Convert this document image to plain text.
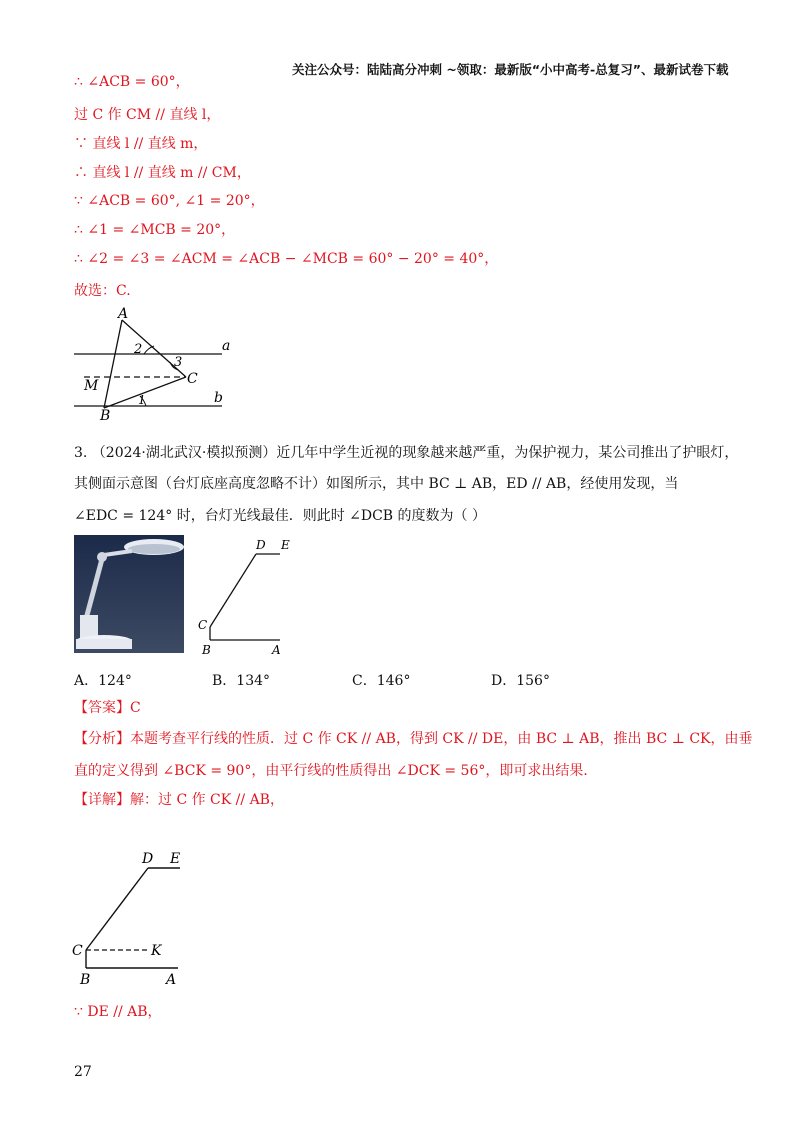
关注公众号：陆陆高分冲刺 ~领取：最新版“小中高考-总复习”、最新试卷下载
∴ ∠ACB = 60°，
过 C 作 CM // 直线 l，
∵ 直线 l // 直线 m，
∴ 直线 l // 直线 m // CM，
∵ ∠ACB = 60°, ∠1 = 20°，
∴ ∠1 = ∠MCB = 20°，
∴ ∠2 = ∠3 = ∠ACM = ∠ACB − ∠MCB = 60° − 20° = 40°，
故选：C.
A
B
C
M
a
b
2
3
1
3. （2024·湖北武汉·模拟预测）近几年中学生近视的现象越来越严重，为保护视力，某公司推出了护眼灯，
其侧面示意图（台灯底座高度忽略不计）如图所示，其中 BC ⊥ AB，ED // AB，经使用发现，当
∠EDC = 124° 时，台灯光线最佳．则此时 ∠DCB 的度数为（ ）
D E
C
B	A
A．124°	B．134°	C．146°	D．156°
【答案】C
【分析】本题考查平行线的性质．过 C 作 CK // AB，得到 CK // DE，由 BC ⊥ AB，推出 BC ⊥ CK，由垂
直的定义得到 ∠BCK = 90°，由平行线的性质得出 ∠DCK = 56°，即可求出结果．
【详解】解：过 C 作 CK // AB，
D E
C	K
B	A
∵ DE // AB，
27
